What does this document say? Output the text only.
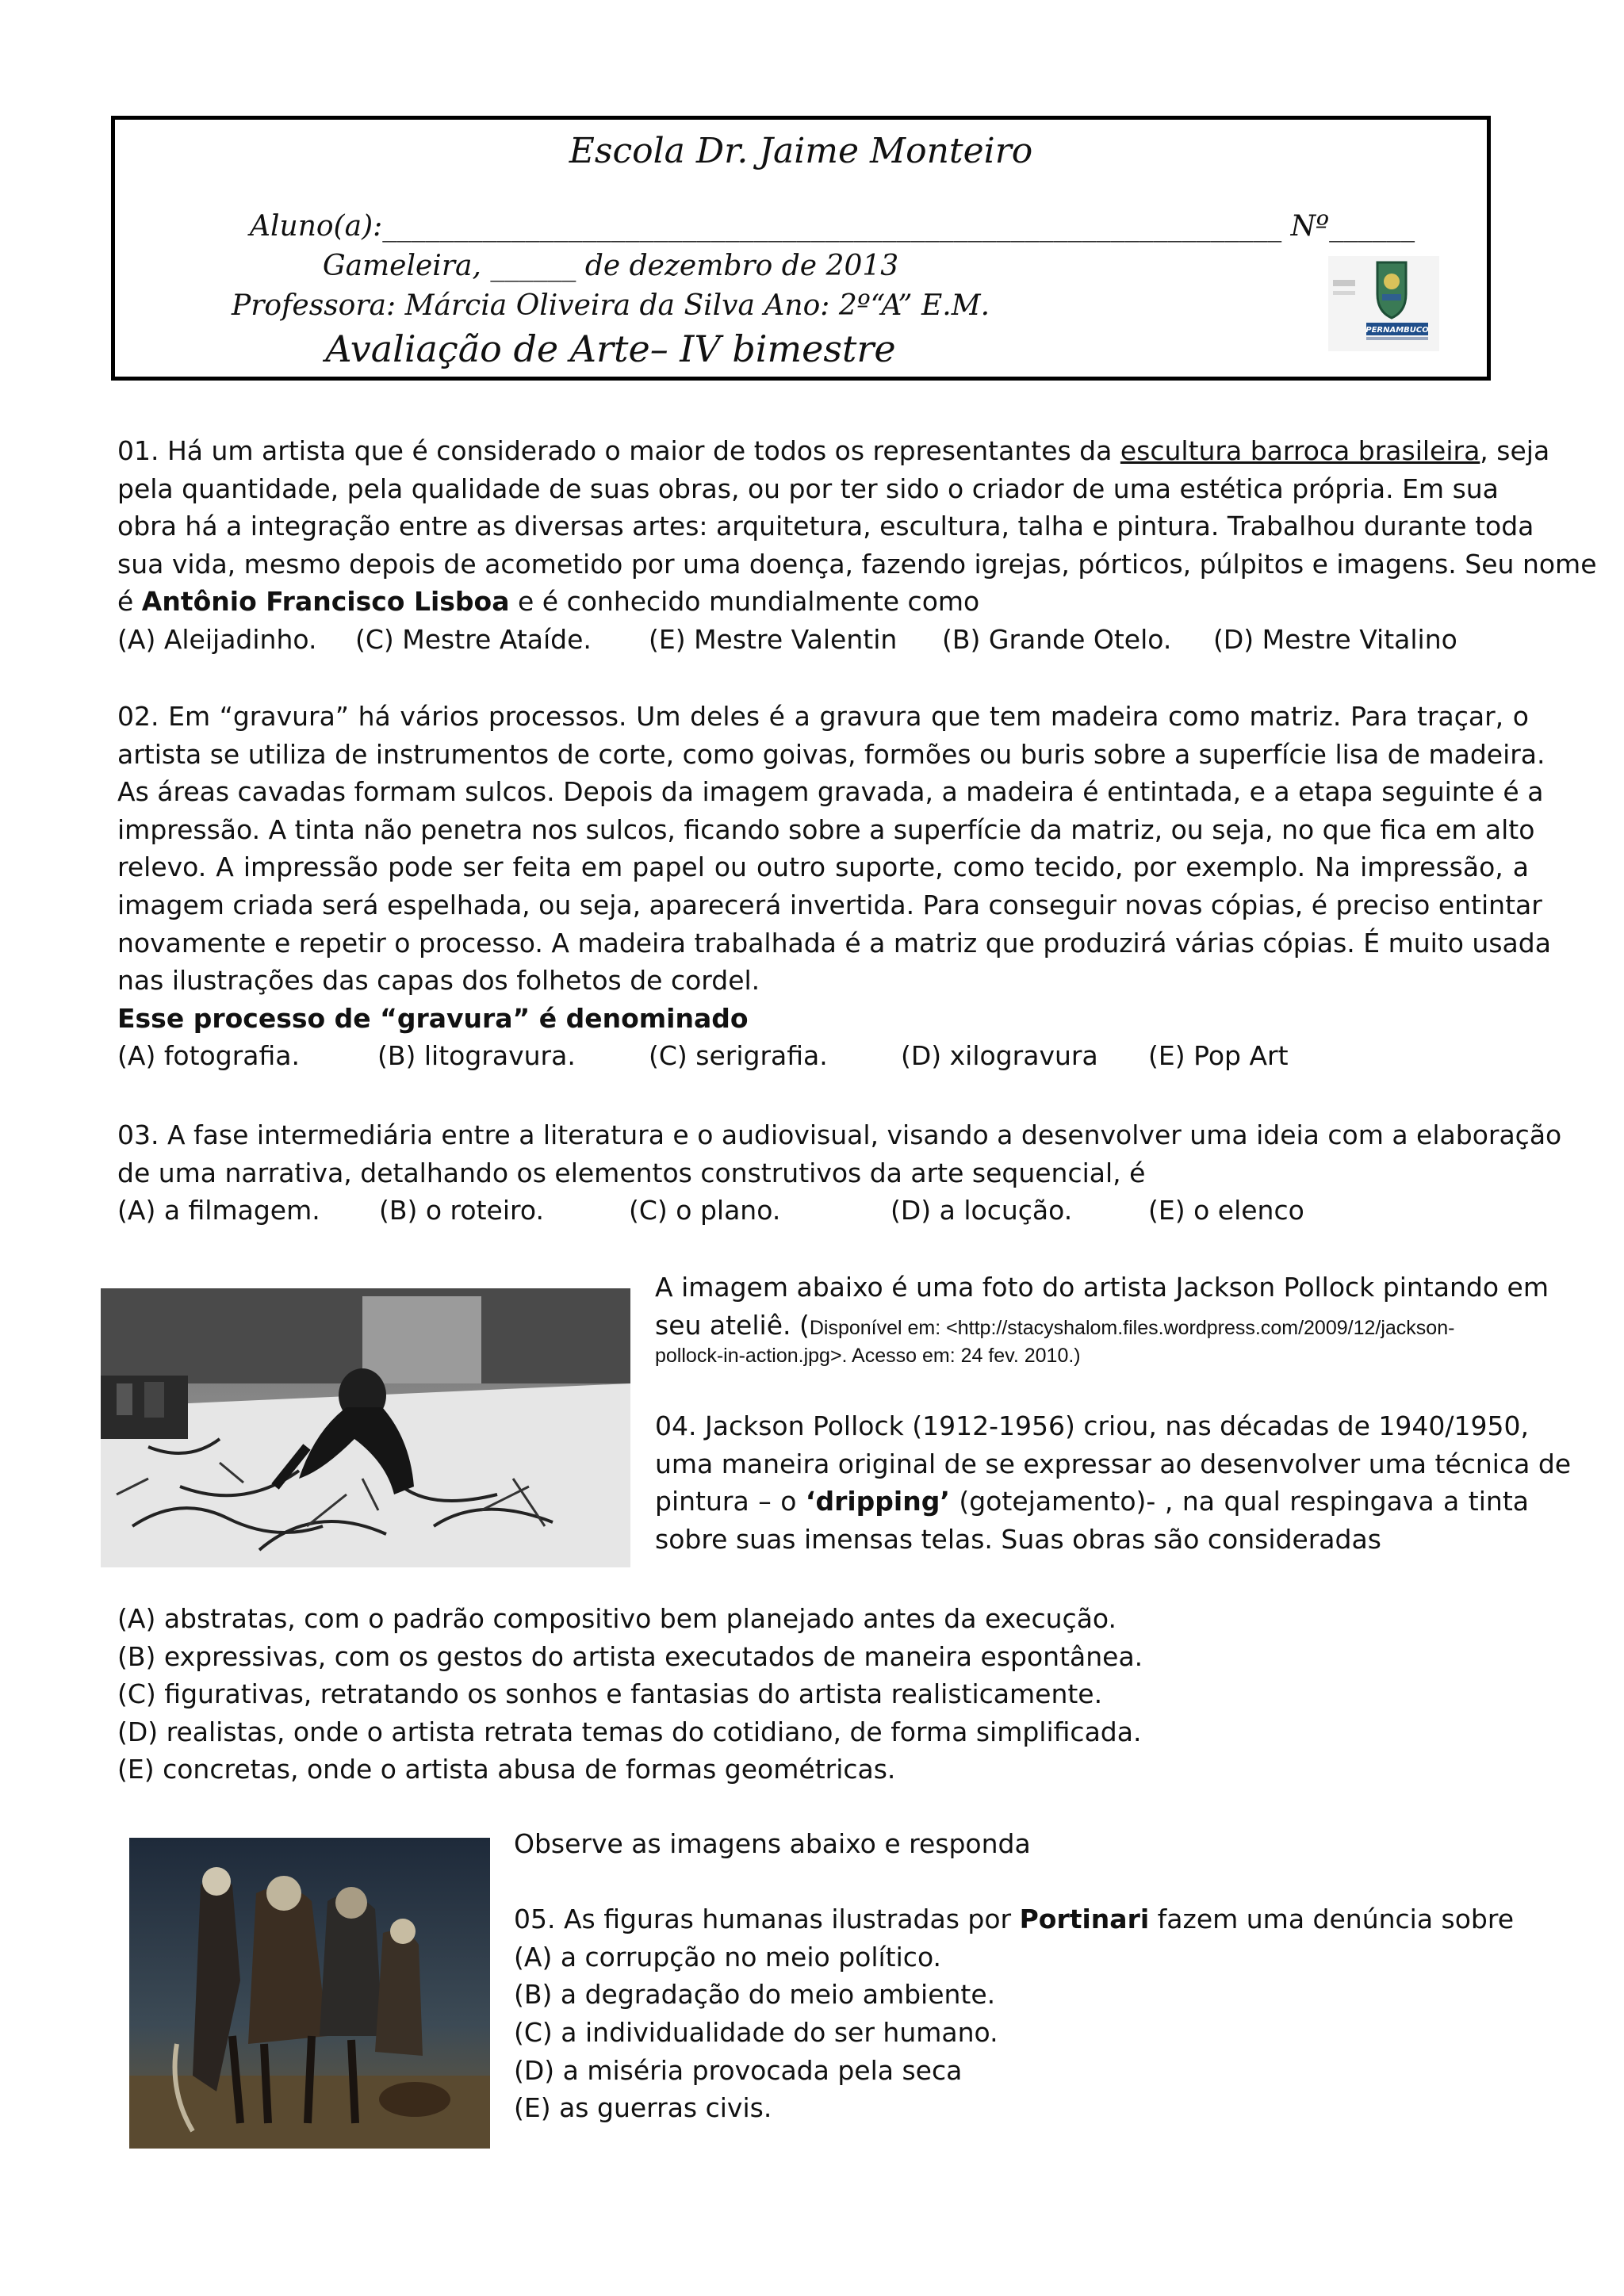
Escola Dr. Jaime Monteiro
Aluno(a):_______________________________________________________________ Nº______
Gameleira, ______ de dezembro de 2013
Professora: Márcia Oliveira da Silva Ano: 2º“A” E.M.
Avaliação de Arte– IV bimestre	PERNAMBUCO
01. Há um artista que é considerado o maior de todos os representantes da escultura barroca brasileira, seja
pela quantidade, pela qualidade de suas obras, ou por ter sido o criador de uma estética própria. Em sua
obra há a integração entre as diversas artes: arquitetura, escultura, talha e pintura. Trabalhou durante toda
sua vida, mesmo depois de acometido por uma doença, fazendo igrejas, pórticos, púlpitos e imagens. Seu nome
é Antônio Francisco Lisboa e é conhecido mundialmente como
(A) Aleijadinho. (C) Mestre Ataíde. (E) Mestre Valentin (B) Grande Otelo. (D) Mestre Vitalino
02. Em “gravura” há vários processos. Um deles é a gravura que tem madeira como matriz. Para traçar, o
artista se utiliza de instrumentos de corte, como goivas, formões ou buris sobre a superfície lisa de madeira.
As áreas cavadas formam sulcos. Depois da imagem gravada, a madeira é entintada, e a etapa seguinte é a
impressão. A tinta não penetra nos sulcos, ficando sobre a superfície da matriz, ou seja, no que fica em alto
relevo. A impressão pode ser feita em papel ou outro suporte, como tecido, por exemplo. Na impressão, a
imagem criada será espelhada, ou seja, aparecerá invertida. Para conseguir novas cópias, é preciso entintar
novamente e repetir o processo. A madeira trabalhada é a matriz que produzirá várias cópias. É muito usada
nas ilustrações das capas dos folhetos de cordel.
Esse processo de “gravura” é denominado
(A) fotografia.	(B) litogravura.	(C) serigrafia.	(D) xilogravura (E) Pop Art
03. A fase intermediária entre a literatura e o audiovisual, visando a desenvolver uma ideia com a elaboração
de uma narrativa, detalhando os elementos construtivos da arte sequencial, é
(A) a filmagem. (B) o roteiro.	(C) o plano.	(D) a locução.	(E) o elenco
A imagem abaixo é uma foto do artista Jackson Pollock pintando em
seu ateliê. (Disponível em: <http://stacyshalom.files.wordpress.com/2009/12/jackson-
pollock-in-action.jpg>. Acesso em: 24 fev. 2010.)
04. Jackson Pollock (1912-1956) criou, nas décadas de 1940/1950,
uma maneira original de se expressar ao desenvolver uma técnica de
pintura – o ‘dripping’ (gotejamento)- , na qual respingava a tinta
sobre suas imensas telas. Suas obras são consideradas
(A) abstratas, com o padrão compositivo bem planejado antes da execução.
(B) expressivas, com os gestos do artista executados de maneira espontânea.
(C) figurativas, retratando os sonhos e fantasias do artista realisticamente.
(D) realistas, onde o artista retrata temas do cotidiano, de forma simplificada.
(E) concretas, onde o artista abusa de formas geométricas.
Observe as imagens abaixo e responda
05. As figuras humanas ilustradas por Portinari fazem uma denúncia sobre
(A) a corrupção no meio político.
(B) a degradação do meio ambiente.
(C) a individualidade do ser humano.
(D) a miséria provocada pela seca
(E) as guerras civis.
